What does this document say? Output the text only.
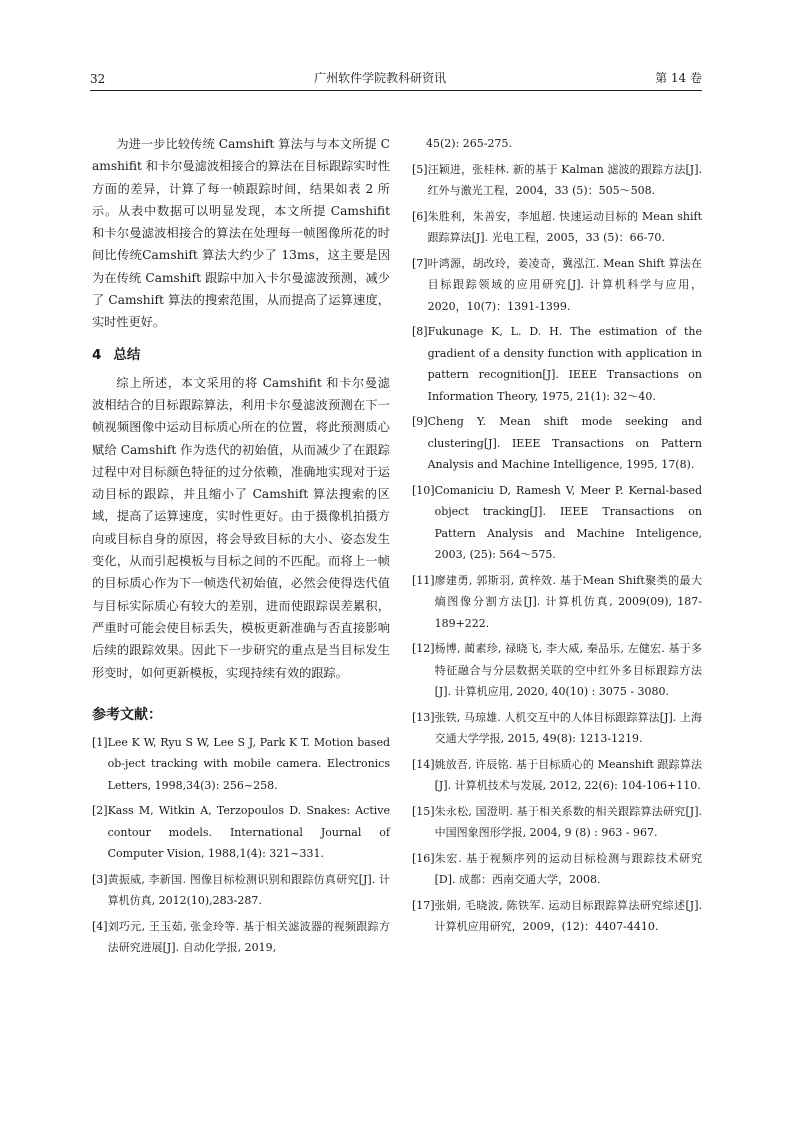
32	广州软件学院教科研资讯	第 14 卷

为进一步比较传统 Camshift 算法与与本文所提 Camshifit 和卡尔曼滤波相接合的算法在目标跟踪实时性方面的差异，计算了每一帧跟踪时间，结果如表 2 所示。从表中数据可以明显发现，本文所提 Camshifit 和卡尔曼滤波相接合的算法在处理每一帧图像所花的时间比传统Camshift 算法大约少了 13ms，这主要是因为在传统 Camshift 跟踪中加入卡尔曼滤波预测，减少了 Camshift 算法的搜索范围，从而提高了运算速度，实时性更好。

4 总结

综上所述，本文采用的将 Camshifit 和卡尔曼滤波相结合的目标跟踪算法，利用卡尔曼滤波预测在下一帧视频图像中运动目标质心所在的位置，将此预测质心赋给 Camshift 作为迭代的初始值，从而减少了在跟踪过程中对目标颜色特征的过分依赖，准确地实现对于运动目标的跟踪，并且缩小了 Camshift 算法搜索的区域，提高了运算速度，实时性更好。由于摄像机拍摄方向或目标自身的原因，将会导致目标的大小、姿态发生变化，从而引起模板与目标之间的不匹配。而将上一帧的目标质心作为下一帧迭代初始值，必然会使得迭代值与目标实际质心有较大的差别，进而使跟踪误差累积，严重时可能会使目标丢失，模板更新准确与否直接影响后续的跟踪效果。因此下一步研究的重点是当目标发生形变时，如何更新模板，实现持续有效的跟踪。

参考文献：
[1] Lee K W, Ryu S W, Lee S J, Park K T. Motion based ob-ject tracking with mobile camera. Electronics Letters, 1998,34(3): 256~258.
[2] Kass M, Witkin A, Terzopoulos D. Snakes: Active contour models. International Journal of Computer Vision, 1988,1(4): 321~331.
[3] 黄振威, 李新国. 图像目标检测识别和跟踪仿真研究[J]. 计算机仿真, 2012(10),283-287.
[4] 刘巧元, 王玉茹, 张金玲等. 基于相关滤波器的视频跟踪方法研究进展[J]. 自动化学报, 2019,
45(2): 265-275.
[5] 汪颖进，张桂林. 新的基于 Kalman 滤波的跟踪方法[J]. 红外与激光工程，2004，33 (5)：505～508.
[6] 朱胜利，朱善安，李旭超. 快速运动目标的 Mean shift 跟踪算法[J]. 光电工程，2005，33 (5)：66-70.
[7] 叶鸿源，胡改玲，姜凌奇，冀泓江. Mean Shift 算法在目标跟踪领域的应用研究[J]. 计算机科学与应用，2020，10(7)：1391-1399.
[8] Fukunage K, L. D. H. The estimation of the gradient of a density function with application in pattern recognition[J]. IEEE Transactions on Information Theory, 1975, 21(1): 32～40.
[9] Cheng Y. Mean shift mode seeking and clustering[J]. IEEE Transactions on Pattern Analysis and Machine Intelligence, 1995, 17(8).
[10] Comaniciu D, Ramesh V, Meer P. Kernal-based object tracking[J]. IEEE Transactions on Pattern Analysis and Machine Inteligence, 2003, (25): 564～575.
[11] 廖建勇, 郭斯羽, 黄梓效. 基于Mean Shift聚类的最大熵图像分割方法[J]. 计算机仿真, 2009(09), 187-189+222.
[12] 杨博, 蔺素珍, 禄晓飞, 李大威, 秦品乐, 左健宏. 基于多特征融合与分层数据关联的空中红外多目标跟踪方法[J]. 计算机应用, 2020, 40(10) : 3075 - 3080.
[13] 张铁, 马琼雄. 人机交互中的人体目标跟踪算法[J]. 上海交通大学学报, 2015, 49(8): 1213-1219.
[14] 姚放吾, 许辰铭. 基于目标质心的 Meanshift 跟踪算法[J]. 计算机技术与发展, 2012, 22(6): 104-106+110.
[15] 朱永松, 国澄明. 基于相关系数的相关跟踪算法研究[J]. 中国图象图形学报, 2004, 9 (8) : 963 - 967.
[16] 朱宏. 基于视频序列的运动目标检测与跟踪技术研究[D]. 成都：西南交通大学，2008.
[17] 张娟, 毛晓波, 陈铁军. 运动目标跟踪算法研究综述[J]. 计算机应用研究，2009，(12)：4407-4410.
